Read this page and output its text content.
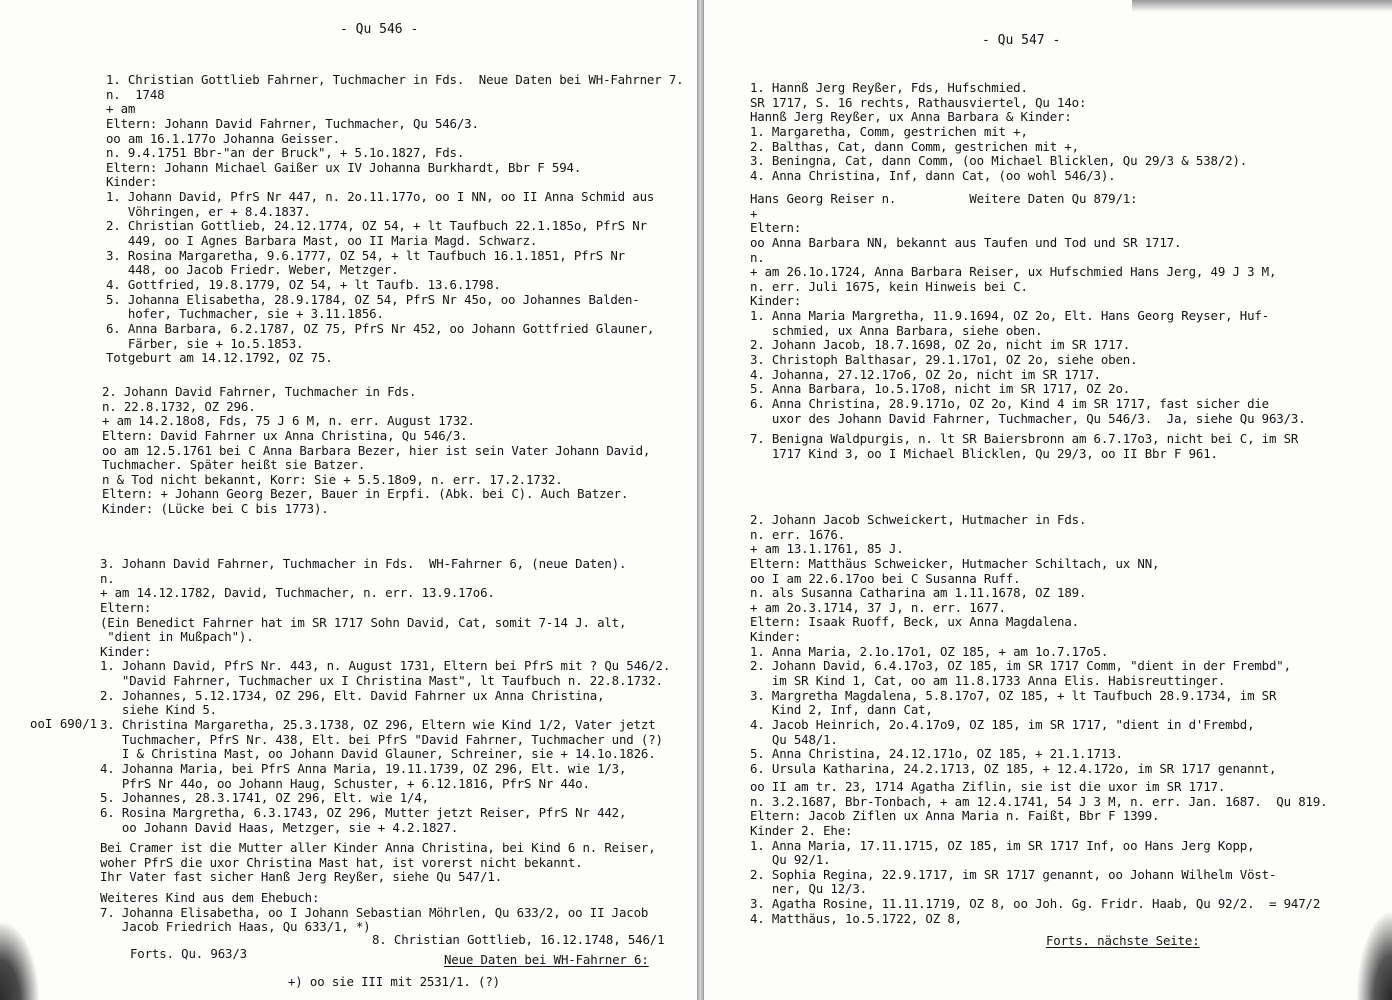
- Qu 546 -
1. Christian Gottlieb Fahrner, Tuchmacher in Fds.  Neue Daten bei WH-Fahrner 7.
n.  1748
+ am
Eltern: Johann David Fahrner, Tuchmacher, Qu 546/3.
oo am 16.1.177o Johanna Geisser.
n. 9.4.1751 Bbr-"an der Bruck", + 5.1o.1827, Fds.
Eltern: Johann Michael Gaißer ux IV Johanna Burkhardt, Bbr F 594.
Kinder:
1. Johann David, PfrS Nr 447, n. 2o.11.177o, oo I NN, oo II Anna Schmid aus
Vöhringen, er + 8.4.1837.
2. Christian Gottlieb, 24.12.1774, OZ 54, + lt Taufbuch 22.1.185o, PfrS Nr
449, oo I Agnes Barbara Mast, oo II Maria Magd. Schwarz.
3. Rosina Margaretha, 9.6.1777, OZ 54, + lt Taufbuch 16.1.1851, PfrS Nr
448, oo Jacob Friedr. Weber, Metzger.
4. Gottfried, 19.8.1779, OZ 54, + lt Taufb. 13.6.1798.
5. Johanna Elisabetha, 28.9.1784, OZ 54, PfrS Nr 45o, oo Johannes Balden-
hofer, Tuchmacher, sie + 3.11.1856.
6. Anna Barbara, 6.2.1787, OZ 75, PfrS Nr 452, oo Johann Gottfried Glauner,
Färber, sie + 1o.5.1853.
Totgeburt am 14.12.1792, OZ 75.
2. Johann David Fahrner, Tuchmacher in Fds.
n. 22.8.1732, OZ 296.
+ am 14.2.18o8, Fds, 75 J 6 M, n. err. August 1732.
Eltern: David Fahrner ux Anna Christina, Qu 546/3.
oo am 12.5.1761 bei C Anna Barbara Bezer, hier ist sein Vater Johann David,
Tuchmacher. Später heißt sie Batzer.
n & Tod nicht bekannt, Korr: Sie + 5.5.18o9, n. err. 17.2.1732.
Eltern: + Johann Georg Bezer, Bauer in Erpfi. (Abk. bei C). Auch Batzer.
Kinder: (Lücke bei C bis 1773).
3. Johann David Fahrner, Tuchmacher in Fds.  WH-Fahrner 6, (neue Daten).
n.
+ am 14.12.1782, David, Tuchmacher, n. err. 13.9.17o6.
Eltern:
(Ein Benedict Fahrner hat im SR 1717 Sohn David, Cat, somit 7-14 J. alt,
"dient in Mußpach").
Kinder:
1. Johann David, PfrS Nr. 443, n. August 1731, Eltern bei PfrS mit ? Qu 546/2.
"David Fahrner, Tuchmacher ux I Christina Mast", lt Taufbuch n. 22.8.1732.
2. Johannes, 5.12.1734, OZ 296, Elt. David Fahrner ux Anna Christina,
siehe Kind 5.
3. Christina Margaretha, 25.3.1738, OZ 296, Eltern wie Kind 1/2, Vater jetzt
Tuchmacher, PfrS Nr. 438, Elt. bei PfrS "David Fahrner, Tuchmacher und (?)
I & Christina Mast, oo Johann David Glauner, Schreiner, sie + 14.1o.1826.
4. Johanna Maria, bei PfrS Anna Maria, 19.11.1739, OZ 296, Elt. wie 1/3,
PfrS Nr 44o, oo Johann Haug, Schuster, + 6.12.1816, PfrS Nr 44o.
5. Johannes, 28.3.1741, OZ 296, Elt. wie 1/4,
6. Rosina Margretha, 6.3.1743, OZ 296, Mutter jetzt Reiser, PfrS Nr 442,
oo Johann David Haas, Metzger, sie + 4.2.1827.
Bei Cramer ist die Mutter aller Kinder Anna Christina, bei Kind 6 n. Reiser,
woher PfrS die uxor Christina Mast hat, ist vorerst nicht bekannt.
Ihr Vater fast sicher Hanß Jerg Reyßer, siehe Qu 547/1.
Weiteres Kind aus dem Ehebuch:
7. Johanna Elisabetha, oo I Johann Sebastian Möhrlen, Qu 633/2, oo II Jacob
Jacob Friedrich Haas, Qu 633/1, *)
ooI 690/1
8. Christian Gottlieb, 16.12.1748, 546/1
Neue Daten bei WH-Fahrner 6:
Forts. Qu. 963/3
+) oo sie III mit 2531/1. (?)
- Qu 547 -
1. Hannß Jerg Reyßer, Fds, Hufschmied.
SR 1717, S. 16 rechts, Rathausviertel, Qu 14o:
Hannß Jerg Reyßer, ux Anna Barbara & Kinder:
1. Margaretha, Comm, gestrichen mit +,
2. Balthas, Cat, dann Comm, gestrichen mit +,
3. Beningna, Cat, dann Comm, (oo Michael Blicklen, Qu 29/3 & 538/2).
4. Anna Christina, Inf, dann Cat, (oo wohl 546/3).
Hans Georg Reiser n.          Weitere Daten Qu 879/1:
+
Eltern:
oo Anna Barbara NN, bekannt aus Taufen und Tod und SR 1717.
n.
+ am 26.1o.1724, Anna Barbara Reiser, ux Hufschmied Hans Jerg, 49 J 3 M,
n. err. Juli 1675, kein Hinweis bei C.
Kinder:
1. Anna Maria Margretha, 11.9.1694, OZ 2o, Elt. Hans Georg Reyser, Huf-
schmied, ux Anna Barbara, siehe oben.
2. Johann Jacob, 18.7.1698, OZ 2o, nicht im SR 1717.
3. Christoph Balthasar, 29.1.17o1, OZ 2o, siehe oben.
4. Johanna, 27.12.17o6, OZ 2o, nicht im SR 1717.
5. Anna Barbara, 1o.5.17o8, nicht im SR 1717, OZ 2o.
6. Anna Christina, 28.9.171o, OZ 2o, Kind 4 im SR 1717, fast sicher die
uxor des Johann David Fahrner, Tuchmacher, Qu 546/3.  Ja, siehe Qu 963/3.
7. Benigna Waldpurgis, n. lt SR Baiersbronn am 6.7.17o3, nicht bei C, im SR
1717 Kind 3, oo I Michael Blicklen, Qu 29/3, oo II Bbr F 961.
2. Johann Jacob Schweickert, Hutmacher in Fds.
n. err. 1676.
+ am 13.1.1761, 85 J.
Eltern: Matthäus Schweicker, Hutmacher Schiltach, ux NN,
oo I am 22.6.17oo bei C Susanna Ruff.
n. als Susanna Catharina am 1.11.1678, OZ 189.
+ am 2o.3.1714, 37 J, n. err. 1677.
Eltern: Isaak Ruoff, Beck, ux Anna Magdalena.
Kinder:
1. Anna Maria, 2.1o.17o1, OZ 185, + am 1o.7.17o5.
2. Johann David, 6.4.17o3, OZ 185, im SR 1717 Comm, "dient in der Frembd",
im SR Kind 1, Cat, oo am 11.8.1733 Anna Elis. Habisreuttinger.
3. Margretha Magdalena, 5.8.17o7, OZ 185, + lt Taufbuch 28.9.1734, im SR
Kind 2, Inf, dann Cat,
4. Jacob Heinrich, 2o.4.17o9, OZ 185, im SR 1717, "dient in d'Frembd,
Qu 548/1.
5. Anna Christina, 24.12.171o, OZ 185, + 21.1.1713.
6. Ursula Katharina, 24.2.1713, OZ 185, + 12.4.172o, im SR 1717 genannt,
oo II am tr. 23, 1714 Agatha Ziflin, sie ist die uxor im SR 1717.
n. 3.2.1687, Bbr-Tonbach, + am 12.4.1741, 54 J 3 M, n. err. Jan. 1687.  Qu 819.
Eltern: Jacob Ziflen ux Anna Maria n. Faißt, Bbr F 1399.
Kinder 2. Ehe:
1. Anna Maria, 17.11.1715, OZ 185, im SR 1717 Inf, oo Hans Jerg Kopp,
Qu 92/1.
2. Sophia Regina, 22.9.1717, im SR 1717 genannt, oo Johann Wilhelm Vöst-
ner, Qu 12/3.
3. Agatha Rosine, 11.11.1719, OZ 8, oo Joh. Gg. Fridr. Haab, Qu 92/2.  = 947/2
4. Matthäus, 1o.5.1722, OZ 8,
Forts. nächste Seite:
